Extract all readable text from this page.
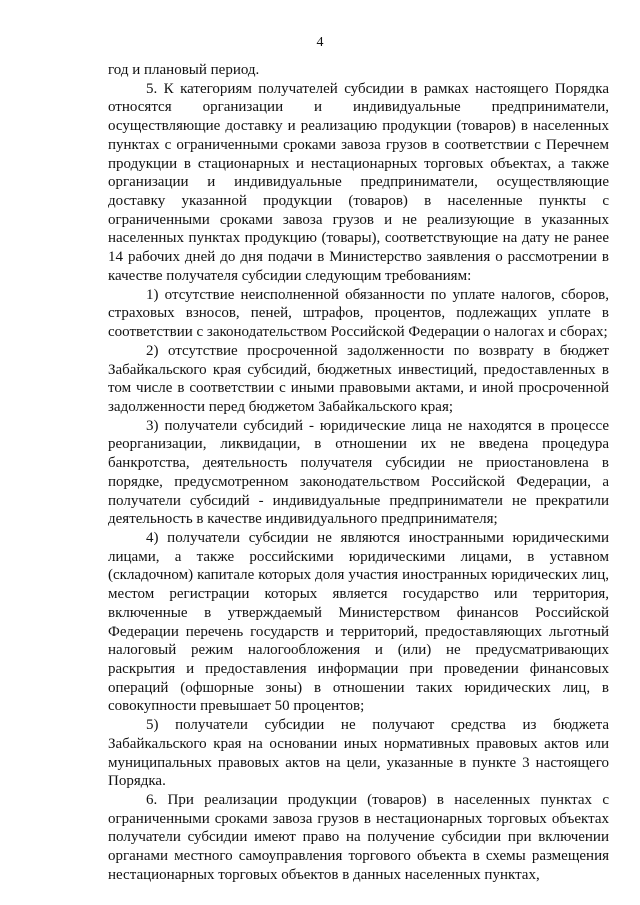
4

год и плановый период.

5. К категориям получателей субсидии в рамках настоящего Порядка относятся организации и индивидуальные предприниматели, осуществляющие доставку и реализацию продукции (товаров) в населенных пунктах с ограниченными сроками завоза грузов в соответствии с Перечнем продукции в стационарных и нестационарных торговых объектах, а также организации и индивидуальные предприниматели, осуществляющие доставку указанной продукции (товаров) в населенные пункты с ограниченными сроками завоза грузов и не реализующие в указанных населенных пунктах продукцию (товары), соответствующие на дату не ранее 14 рабочих дней до дня подачи в Министерство заявления о рассмотрении в качестве получателя субсидии следующим требованиям:

1) отсутствие неисполненной обязанности по уплате налогов, сборов, страховых взносов, пеней, штрафов, процентов, подлежащих уплате в соответствии с законодательством Российской Федерации о налогах и сборах;

2) отсутствие просроченной задолженности по возврату в бюджет Забайкальского края субсидий, бюджетных инвестиций, предоставленных в том числе в соответствии с иными правовыми актами, и иной просроченной задолженности перед бюджетом Забайкальского края;

3) получатели субсидий - юридические лица не находятся в процессе реорганизации, ликвидации, в отношении их не введена процедура банкротства, деятельность получателя субсидии не приостановлена в порядке, предусмотренном законодательством Российской Федерации, а получатели субсидий - индивидуальные предприниматели не прекратили деятельность в качестве индивидуального предпринимателя;

4) получатели субсидии не являются иностранными юридическими лицами, а также российскими юридическими лицами, в уставном (складочном) капитале которых доля участия иностранных юридических лиц, местом регистрации которых является государство или территория, включенные в утверждаемый Министерством финансов Российской Федерации перечень государств и территорий, предоставляющих льготный налоговый режим налогообложения и (или) не предусматривающих раскрытия и предоставления информации при проведении финансовых операций (офшорные зоны) в отношении таких юридических лиц, в совокупности превышает 50 процентов;

5) получатели субсидии не получают средства из бюджета Забайкальского края на основании иных нормативных правовых актов или муниципальных правовых актов на цели, указанные в пункте 3 настоящего Порядка.

6. При реализации продукции (товаров) в населенных пунктах с ограниченными сроками завоза грузов в нестационарных торговых объектах получатели субсидии имеют право на получение субсидии при включении органами местного самоуправления торгового объекта в схемы размещения нестационарных торговых объектов в данных населенных пунктах,
